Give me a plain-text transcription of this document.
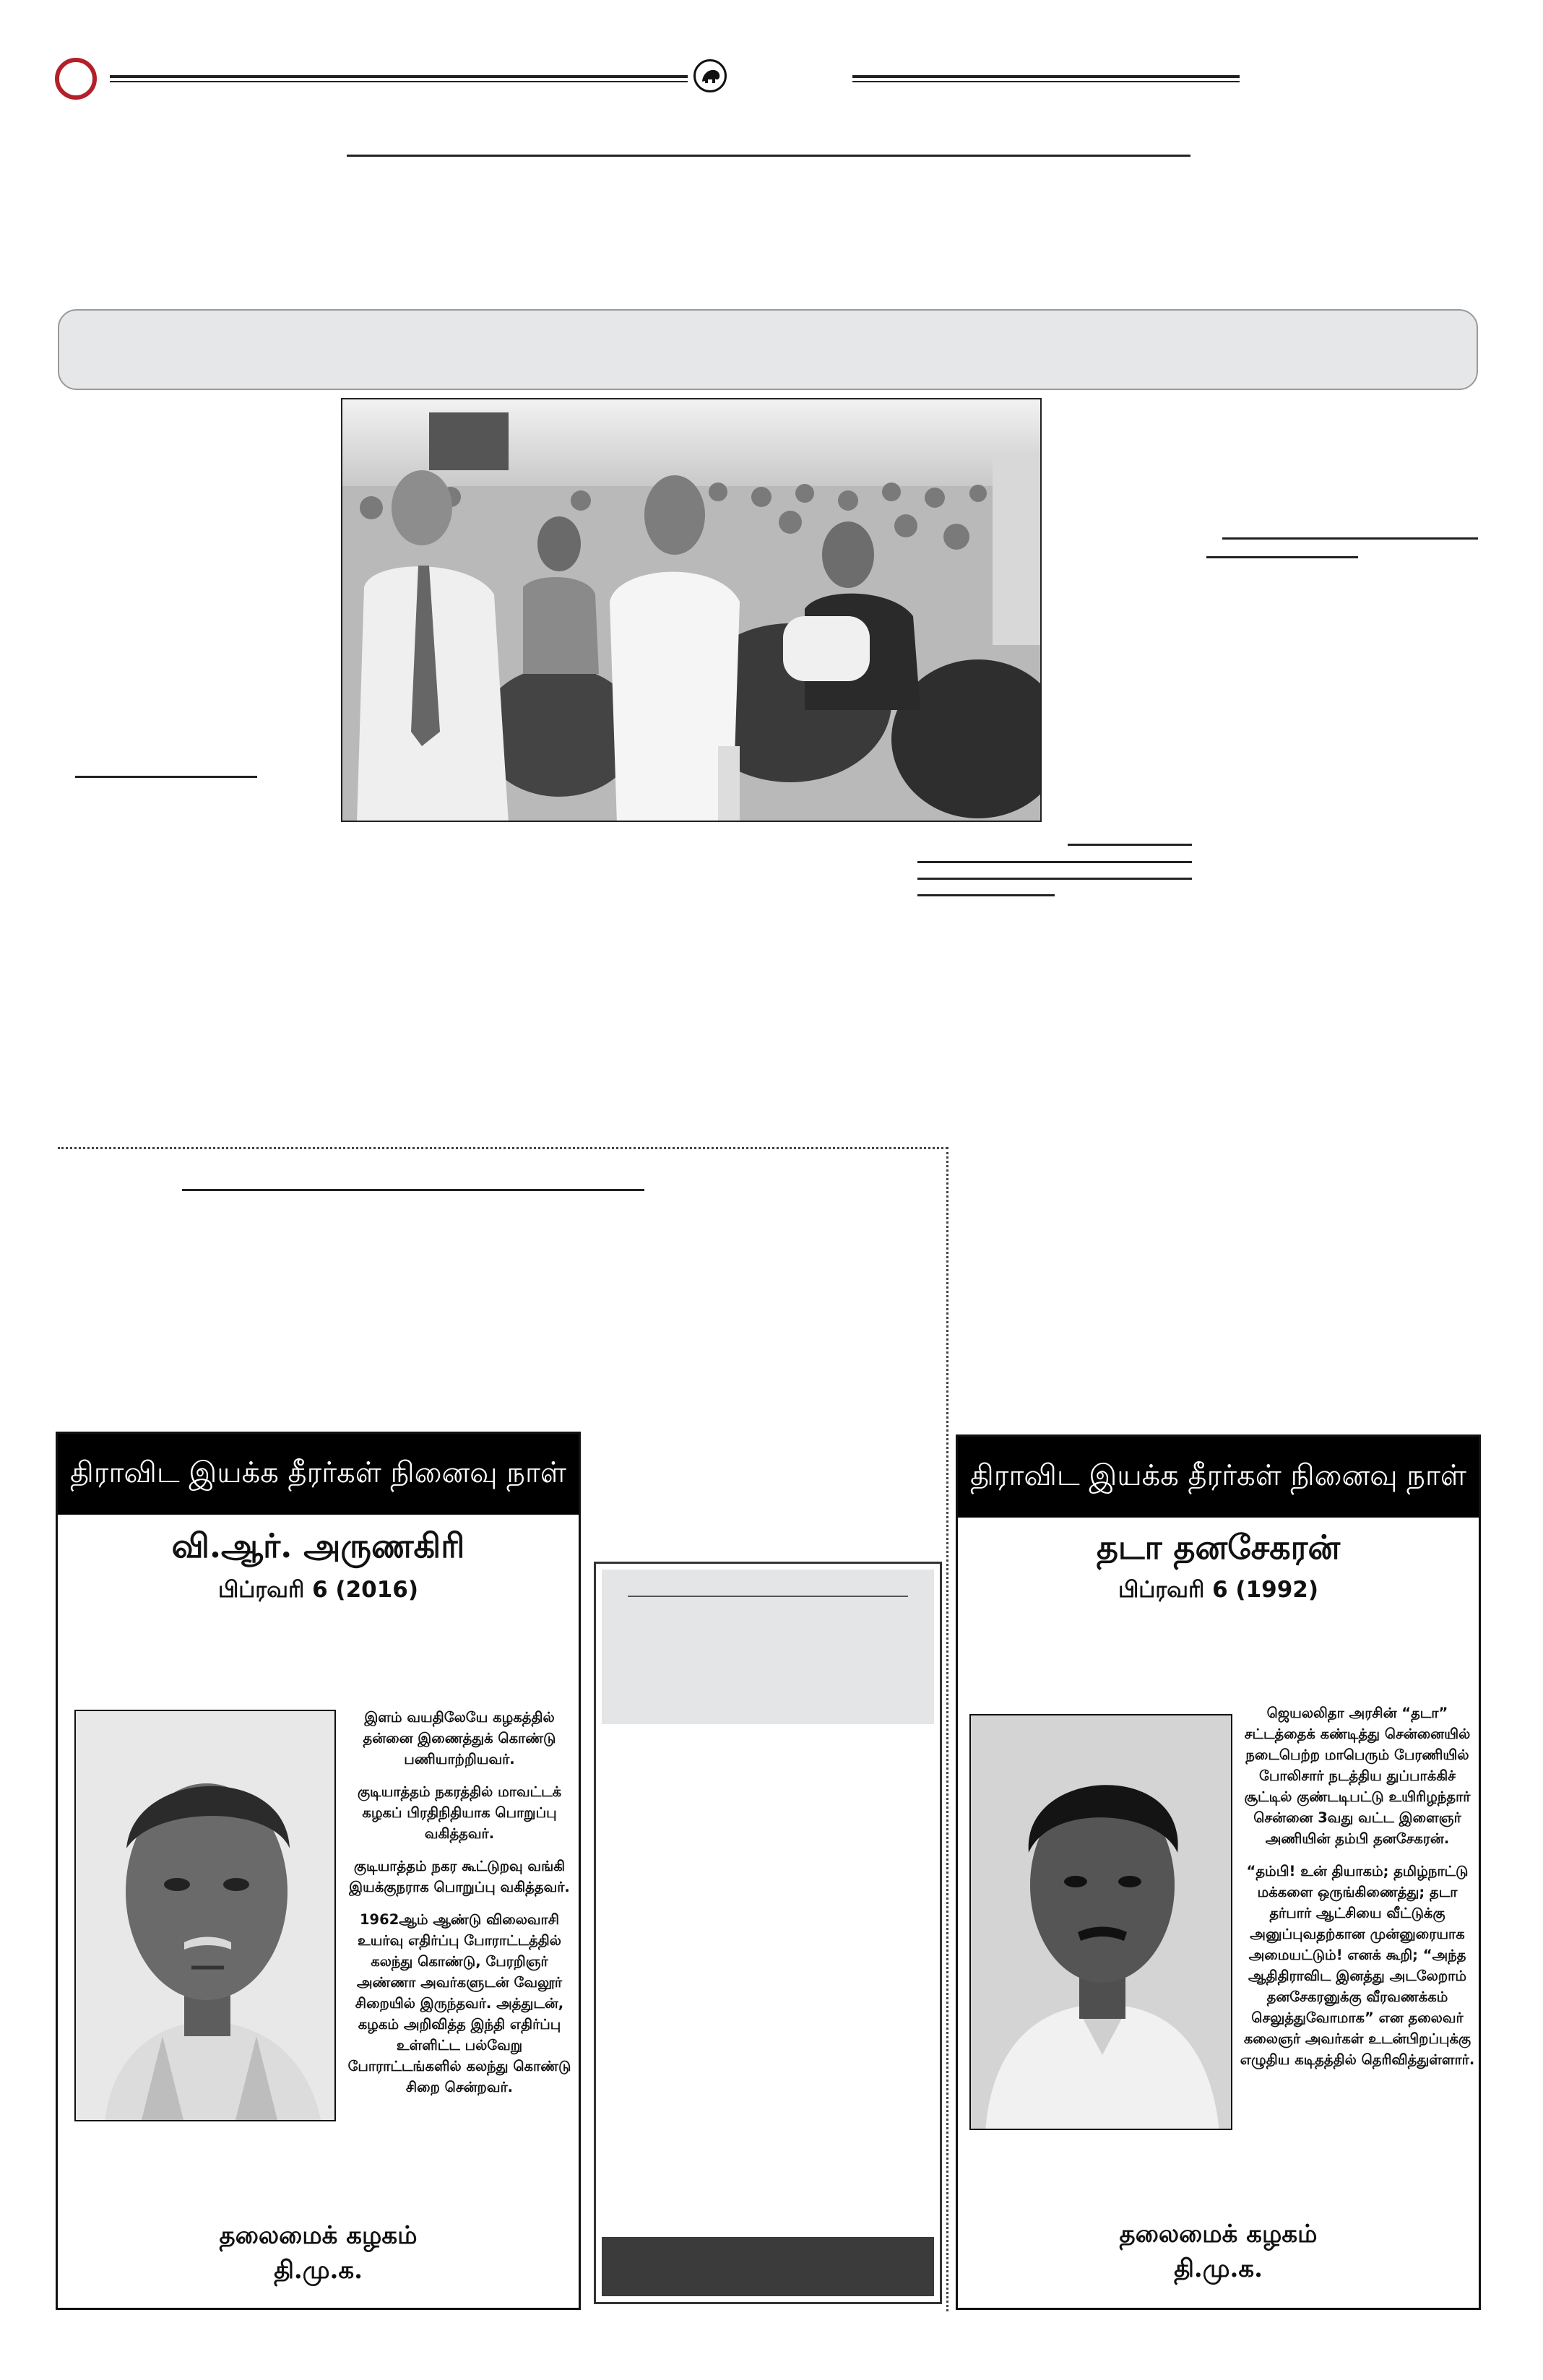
திராவிட இயக்க தீரர்கள் நினைவு நாள்
வி.ஆர். அருணகிரி
பிப்ரவரி 6 (2016)

இளம் வயதிலேயே கழகத்தில் தன்னை இணைத்துக் கொண்டு பணியாற்றியவர்.

குடியாத்தம் நகரத்தில் மாவட்டக் கழகப் பிரதிநிதியாக பொறுப்பு வகித்தவர்.

குடியாத்தம் நகர கூட்டுறவு வங்கி இயக்குநராக பொறுப்பு வகித்தவர்.

1962ஆம் ஆண்டு விலைவாசி உயர்வு எதிர்ப்பு போராட்டத்தில் கலந்து கொண்டு, பேரறிஞர் அண்ணா அவர்களுடன் வேலூர் சிறையில் இருந்தவர். அத்துடன், கழகம் அறிவித்த இந்தி எதிர்ப்பு உள்ளிட்ட பல்வேறு போராட்டங்களில் கலந்து கொண்டு சிறை சென்றவர்.

தலைமைக் கழகம்
தி.மு.க.
திராவிட இயக்க தீரர்கள் நினைவு நாள்
தடா தனசேகரன்
பிப்ரவரி 6 (1992)

ஜெயலலிதா அரசின் “தடா” சட்டத்தைக் கண்டித்து சென்னையில் நடைபெற்ற மாபெரும் பேரணியில் போலிசார் நடத்திய துப்பாக்கிச் சூட்டில் குண்டடிபட்டு உயிரிழந்தார் சென்னை 3வது வட்ட இளைஞர் அணியின் தம்பி தனசேகரன்.

“தம்பி! உன் தியாகம்; தமிழ்நாட்டு மக்களை ஒருங்கிணைத்து; தடா தர்பார் ஆட்சியை வீட்டுக்கு அனுப்புவதற்கான முன்னுரையாக அமையட்டும்! எனக் கூறி; “அந்த ஆதிதிராவிட இனத்து அடலேறாம் தனசேகரனுக்கு வீரவணக்கம் செலுத்துவோமாக” என தலைவர் கலைஞர் அவர்கள் உடன்பிறப்புக்கு எழுதிய கடிதத்தில் தெரிவித்துள்ளார்.

தலைமைக் கழகம்
தி.மு.க.
